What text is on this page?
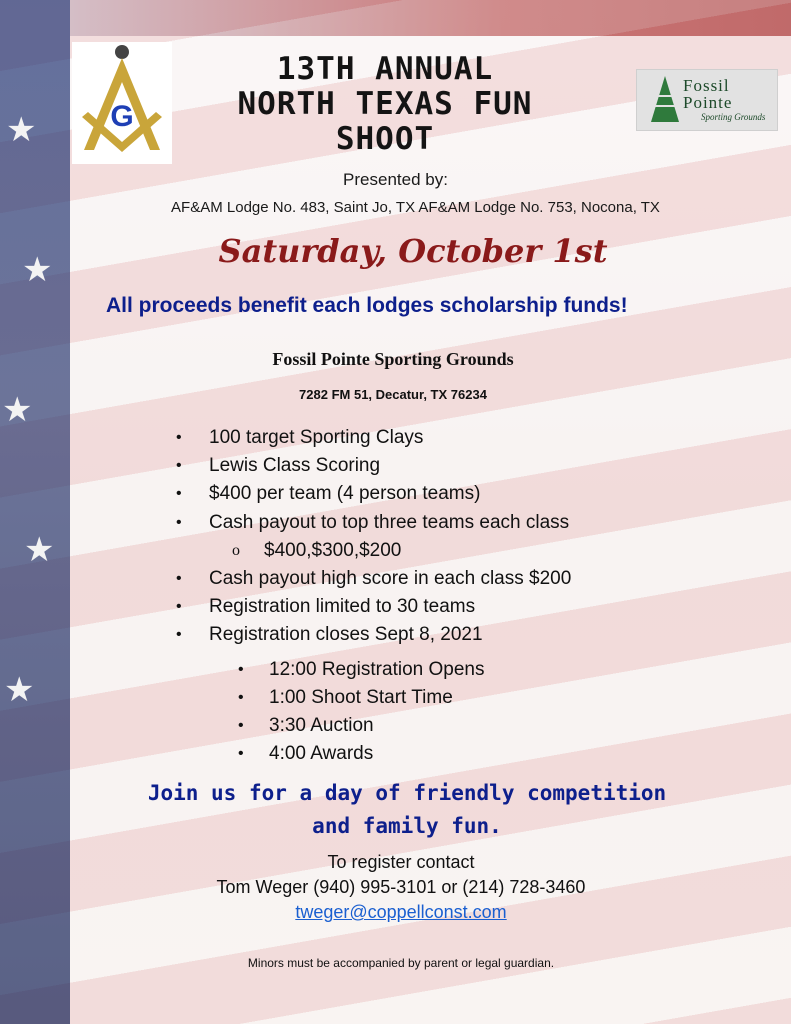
★
★
★
★
★
G
Fossil
Pointe
Sporting Grounds
13TH ANNUAL
NORTH TEXAS FUN
SHOOT
Presented by:
AF&AM Lodge No. 483, Saint Jo, TX AF&AM Lodge No. 753, Nocona, TX
Saturday, October 1st
All proceeds benefit each lodges scholarship funds!
Fossil Pointe Sporting Grounds
7282 FM 51, Decatur, TX 76234
•	100 target Sporting Clays
•	Lewis Class Scoring
•	$400 per team (4 person teams)
•	Cash payout to top three teams each class
o	$400,$300,$200
•	Cash payout high score in each class $200
•	Registration limited to 30 teams
•	Registration closes Sept 8, 2021
•	12:00 Registration Opens
•	1:00 Shoot Start Time
•	3:30 Auction
•	4:00 Awards
Join us for a day of friendly competition
and family fun.
To register contact
Tom Weger (940) 995-3101 or (214) 728-3460
tweger@coppellconst.com
Minors must be accompanied by parent or legal guardian.
